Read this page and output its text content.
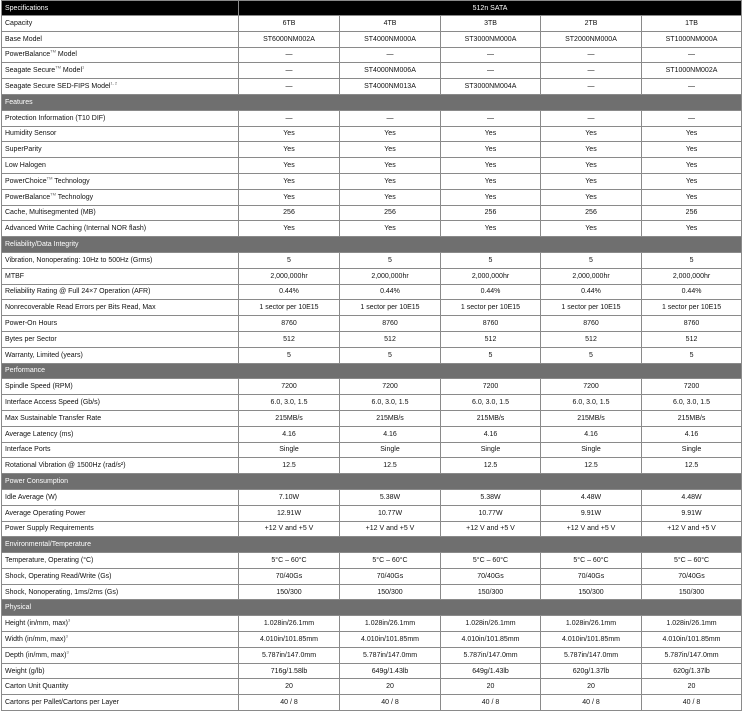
Specifications	512n SATA				
Capacity	6TB	4TB	3TB	2TB	1TB
Base Model	ST6000NM002A	ST4000NM000A	ST3000NM000A	ST2000NM000A	ST1000NM000A
PowerBalance™ Model	—	—	—	—	—
Seagate Secure™ Model$^1$	—	ST4000NM006A	—	—	ST1000NM002A
Seagate Secure SED-FIPS Model$^{1, 2}$	—	ST4000NM013A	ST3000NM004A	—	—
Features					
Protection Information (T10 DIF)	—	—	—	—	—
Humidity Sensor	Yes	Yes	Yes	Yes	Yes
SuperParity	Yes	Yes	Yes	Yes	Yes
Low Halogen	Yes	Yes	Yes	Yes	Yes
PowerChoice™ Technology	Yes	Yes	Yes	Yes	Yes
PowerBalance™ Technology	Yes	Yes	Yes	Yes	Yes
Cache, Multisegmented (MB)	256	256	256	256	256
Advanced Write Caching (Internal NOR flash)	Yes	Yes	Yes	Yes	Yes
Reliability/Data Integrity					
Vibration, Nonoperating: 10Hz to 500Hz (Grms)	5	5	5	5	5
MTBF	2,000,000hr	2,000,000hr	2,000,000hr	2,000,000hr	2,000,000hr
Reliability Rating @ Full 24×7 Operation (AFR)	0.44%	0.44%	0.44%	0.44%	0.44%
Nonrecoverable Read Errors per Bits Read, Max	1 sector per 10E15	1 sector per 10E15	1 sector per 10E15	1 sector per 10E15	1 sector per 10E15
Power-On Hours	8760	8760	8760	8760	8760
Bytes per Sector	512	512	512	512	512
Warranty, Limited (years)	5	5	5	5	5
Performance					
Spindle Speed (RPM)	7200	7200	7200	7200	7200
Interface Access Speed (Gb/s)	6.0, 3.0, 1.5	6.0, 3.0, 1.5	6.0, 3.0, 1.5	6.0, 3.0, 1.5	6.0, 3.0, 1.5
Max Sustainable Transfer Rate	215MB/s	215MB/s	215MB/s	215MB/s	215MB/s
Average Latency (ms)	4.16	4.16	4.16	4.16	4.16
Interface Ports	Single	Single	Single	Single	Single
Rotational Vibration @ 1500Hz (rad/s²)	12.5	12.5	12.5	12.5	12.5
Power Consumption					
Idle Average (W)	7.10W	5.38W	5.38W	4.48W	4.48W
Average Operating Power	12.91W	10.77W	10.77W	9.91W	9.91W
Power Supply Requirements	+12 V and +5 V	+12 V and +5 V	+12 V and +5 V	+12 V and +5 V	+12 V and +5 V
Environmental/Temperature					
Temperature, Operating (°C)	5°C – 60°C	5°C – 60°C	5°C – 60°C	5°C – 60°C	5°C – 60°C
Shock, Operating Read/Write (Gs)	70/40Gs	70/40Gs	70/40Gs	70/40Gs	70/40Gs
Shock, Nonoperating, 1ms/2ms (Gs)	150/300	150/300	150/300	150/300	150/300
Physical					
Height (in/mm, max)$^3$	1.028in/26.1mm	1.028in/26.1mm	1.028in/26.1mm	1.028in/26.1mm	1.028in/26.1mm
Width (in/mm, max)$^3$	4.010in/101.85mm	4.010in/101.85mm	4.010in/101.85mm	4.010in/101.85mm	4.010in/101.85mm
Depth (in/mm, max)$^3$	5.787in/147.0mm	5.787in/147.0mm	5.787in/147.0mm	5.787in/147.0mm	5.787in/147.0mm
Weight (g/lb)	716g/1.58lb	649g/1.43lb	649g/1.43lb	620g/1.37lb	620g/1.37lb
Carton Unit Quantity	20	20	20	20	20
Cartons per Pallet/Cartons per Layer	40 / 8	40 / 8	40 / 8	40 / 8	40 / 8
